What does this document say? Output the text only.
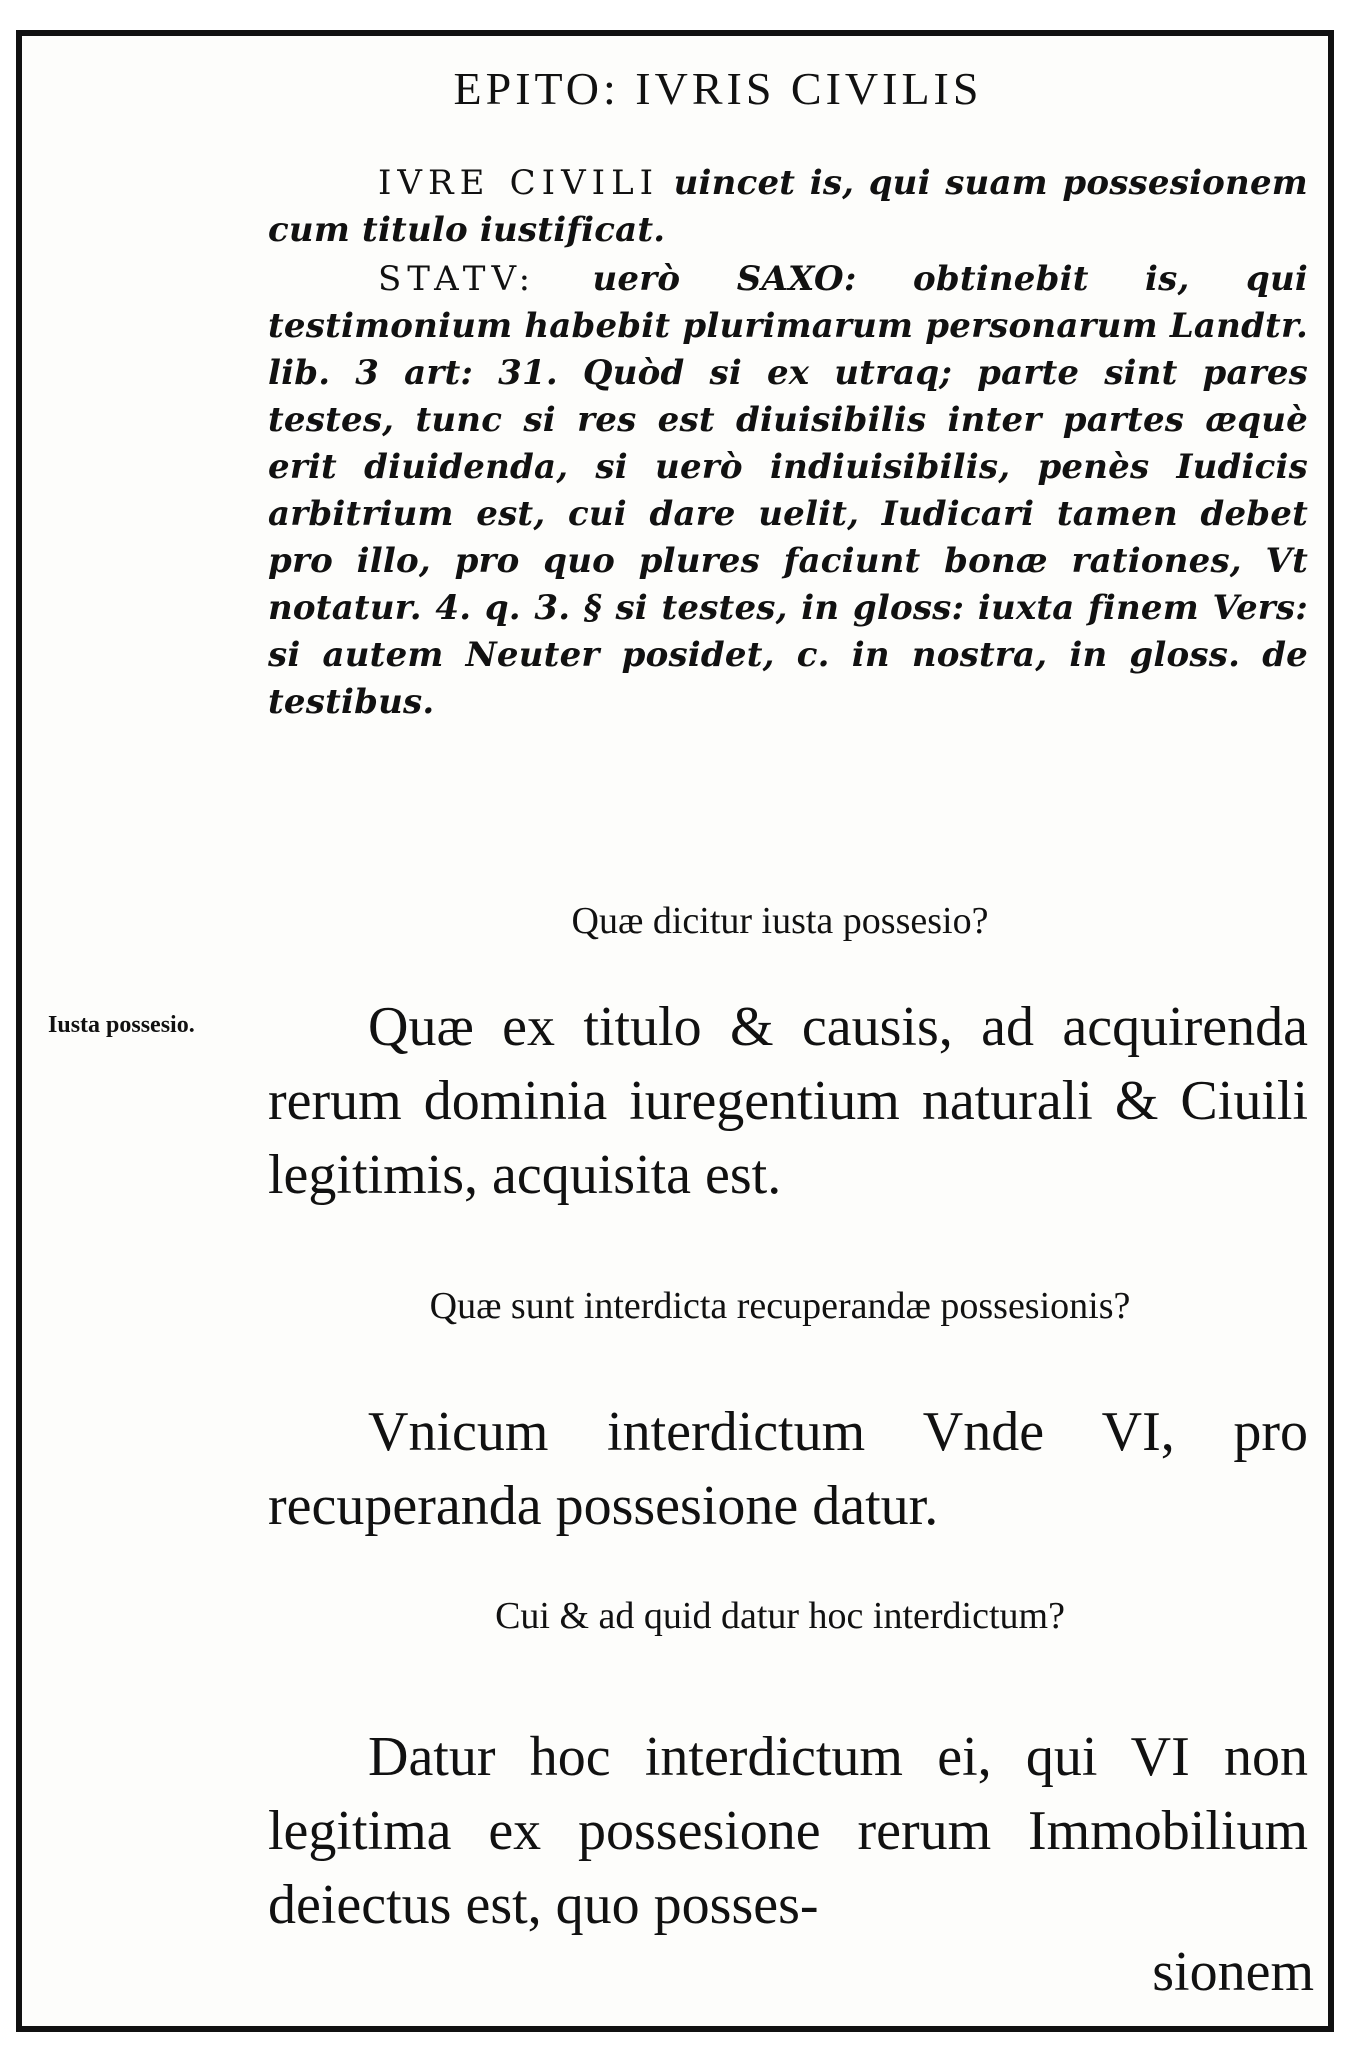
EPITO: IVRIS CIVILIS

IVRE CIVILI uincet is, qui suam possesionem cum titulo iustificat.

STATV: uerò SAXO: obtinebit is, qui testimonium habebit plurimarum personarum Landtr. lib. 3 art: 31. Quòd si ex utraq; parte sint pares testes, tunc si res est diuisibilis inter partes æquè erit diuidenda, si uerò indiuisibilis, penès Iudicis arbitrium est, cui dare uelit, Iudicari tamen debet pro illo, pro quo plures faciunt bonæ rationes, Vt notatur. 4. q. 3. § si testes, in gloss: iuxta finem Vers: si autem Neuter posidet, c. in nostra, in gloss. de testibus.

Quæ dicitur iusta possesio?
Iusta possesio.	Quæ ex titulo & causis, ad acquirenda rerum dominia iuregentium naturali & Ciuili legitimis, acquisita est.

Quæ sunt interdicta recuperandæ possesionis?

Vnicum interdictum Vnde VI, pro recuperanda possesione datur.

Cui & ad quid datur hoc interdictum?

Datur hoc interdictum ei, qui VI non legitima ex possesione rerum Immobilium deiectus est, quo posses-

sionem
